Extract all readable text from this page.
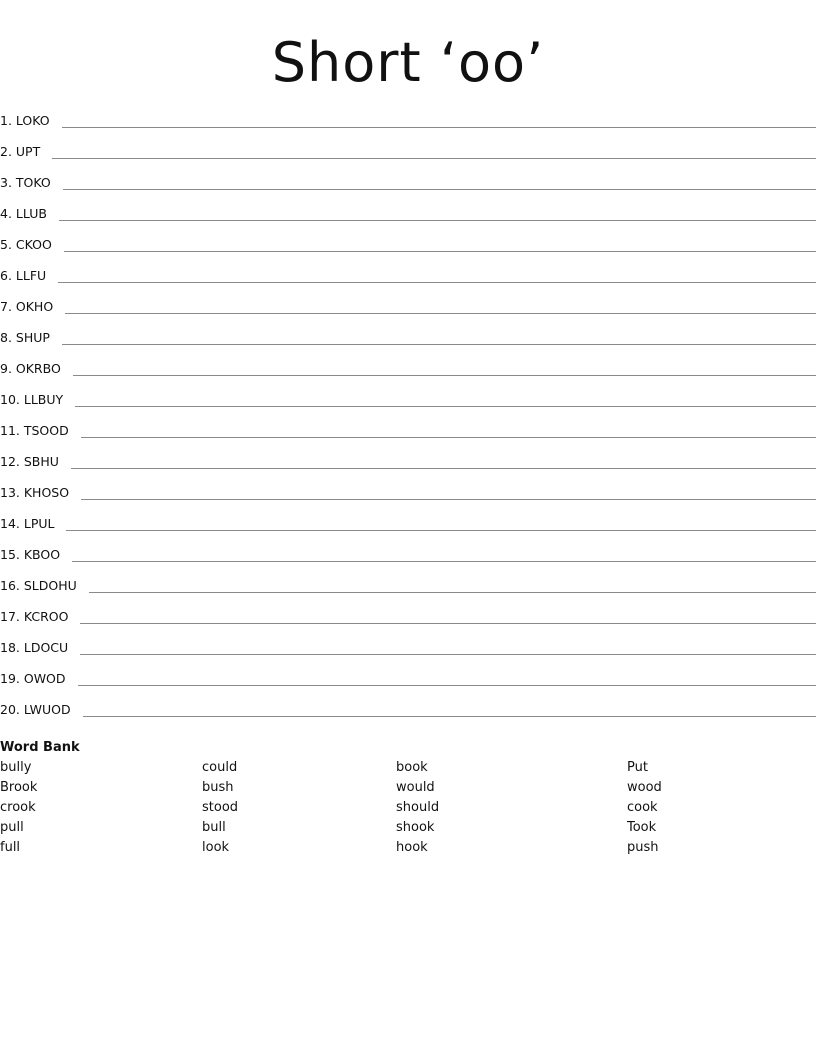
Short ‘oo’
1. LOKO
2. UPT
3. TOKO
4. LLUB
5. CKOO
6. LLFU
7. OKHO
8. SHUP
9. OKRBO
10. LLBUY
11. TSOOD
12. SBHU
13. KHOSO
14. LPUL
15. KBOO
16. SLDOHU
17. KCROO
18. LDOCU
19. OWOD
20. LWUOD
Word Bank
bully
Brook
crook
pull
full
could
bush
stood
bull
look
book
would
should
shook
hook
Put
wood
cook
Took
push
